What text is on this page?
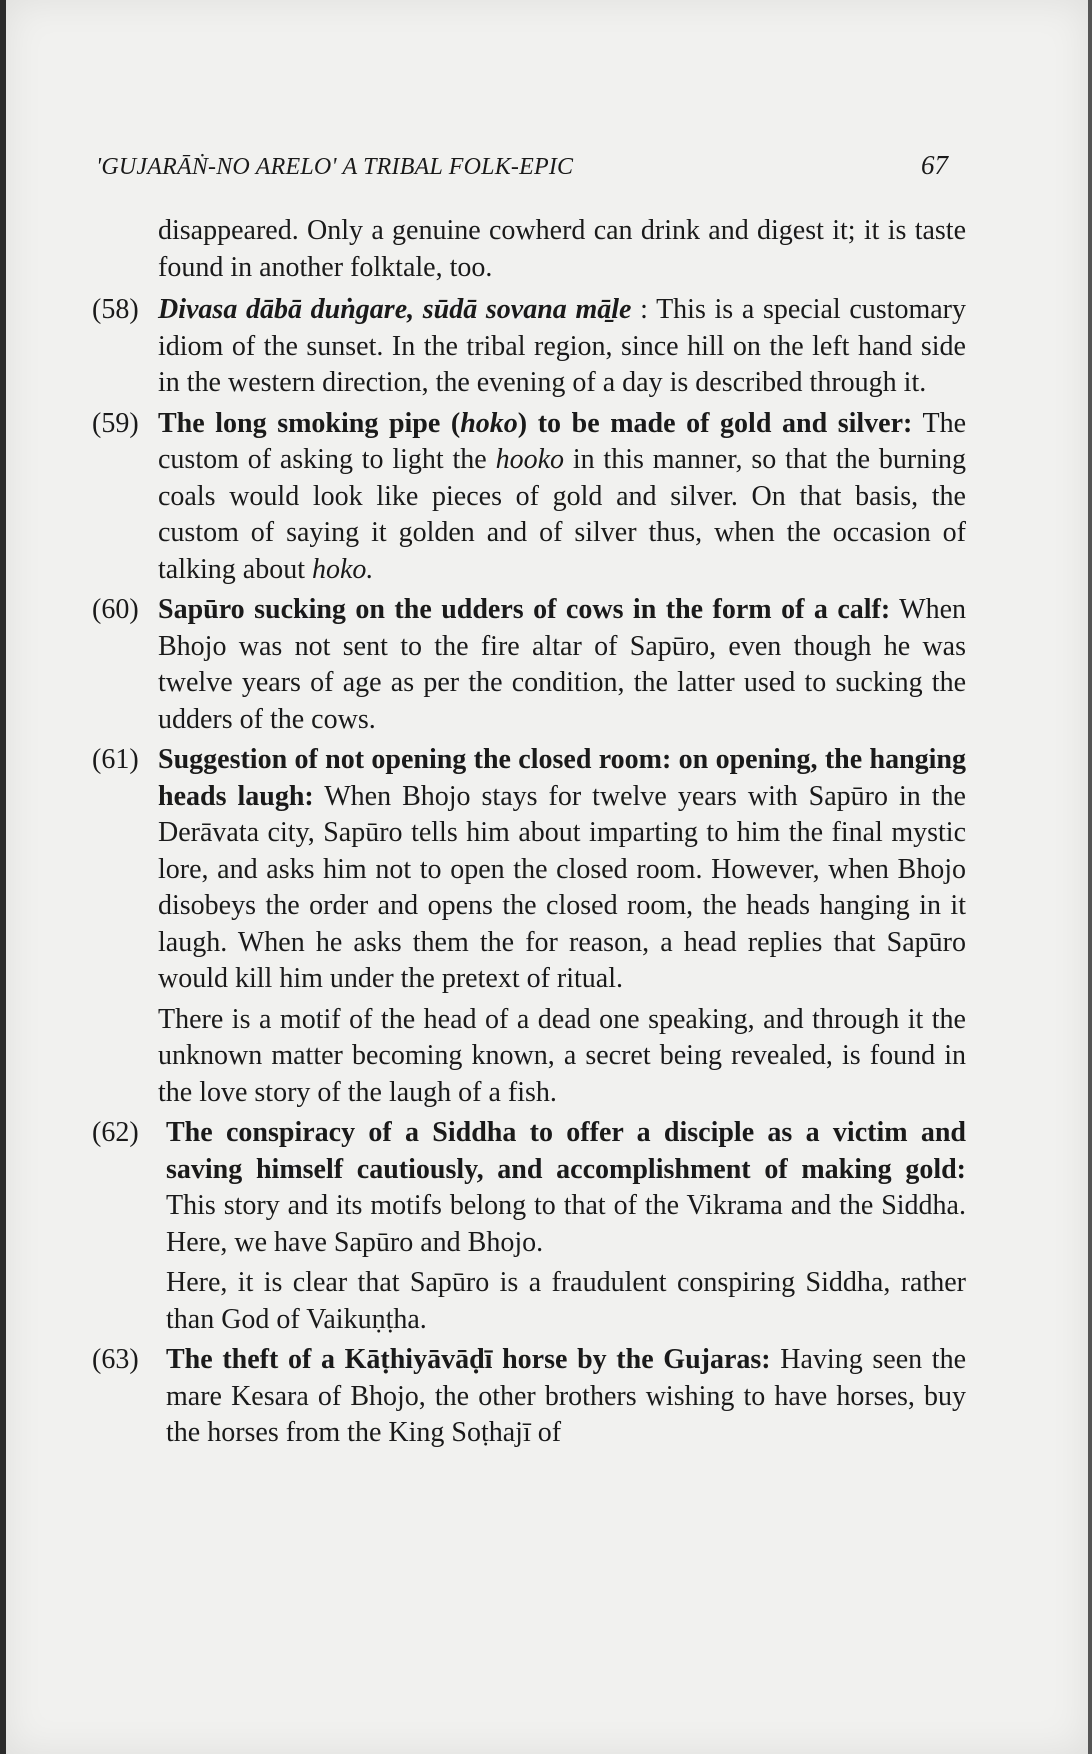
'GUJARĀṄ-NO ARELO' A TRIBAL FOLK-EPIC	67
disappeared. Only a genuine cowherd can drink and digest it; it is taste found in another folktale, too.
(58) Divasa dābā duṅgare, sūdā sovana mā̱le : This is a special customary idiom of the sunset. In the tribal region, since hill on the left hand side in the western direction, the evening of a day is described through it.
(59) The long smoking pipe (hoko) to be made of gold and silver: The custom of asking to light the hooko in this manner, so that the burning coals would look like pieces of gold and silver. On that basis, the custom of saying it golden and of silver thus, when the occasion of talking about hoko.
(60) Sapūro sucking on the udders of cows in the form of a calf: When Bhojo was not sent to the fire altar of Sapūro, even though he was twelve years of age as per the condition, the latter used to sucking the udders of the cows.
(61) Suggestion of not opening the closed room: on opening, the hanging heads laugh: When Bhojo stays for twelve years with Sapūro in the Derāvata city, Sapūro tells him about imparting to him the final mystic lore, and asks him not to open the closed room. However, when Bhojo disobeys the order and opens the closed room, the heads hanging in it laugh. When he asks them the for reason, a head replies that Sapūro would kill him under the pretext of ritual.
There is a motif of the head of a dead one speaking, and through it the unknown matter becoming known, a secret being revealed, is found in the love story of the laugh of a fish.
(62) The conspiracy of a Siddha to offer a disciple as a victim and saving himself cautiously, and accomplishment of making gold: This story and its motifs belong to that of the Vikrama and the Siddha. Here, we have Sapūro and Bhojo.
Here, it is clear that Sapūro is a fraudulent conspiring Siddha, rather than God of Vaikuṇṭha.
(63) The theft of a Kāṭhiyāvāḍī horse by the Gujaras: Having seen the mare Kesara of Bhojo, the other brothers wishing to have horses, buy the horses from the King Soṭhajī of
